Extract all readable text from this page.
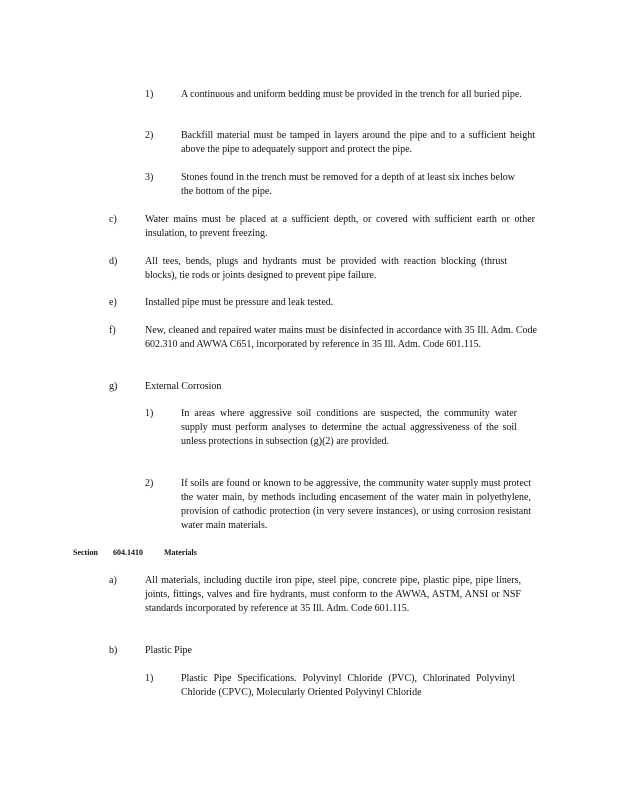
1)	A continuous and uniform bedding must be provided in the trench for all buried pipe.
2)	Backfill material must be tamped in layers around the pipe and to a sufficient height above the pipe to adequately support and protect the pipe.
3)	Stones found in the trench must be removed for a depth of at least six inches below the bottom of the pipe.
c)	Water mains must be placed at a sufficient depth, or covered with sufficient earth or other insulation, to prevent freezing.
d)	All tees, bends, plugs and hydrants must be provided with reaction blocking (thrust blocks), tie rods or joints designed to prevent pipe failure.
e)	Installed pipe must be pressure and leak tested.
f)	New, cleaned and repaired water mains must be disinfected in accordance with 35 Ill. Adm. Code 602.310 and AWWA C651, incorporated by reference in 35 Ill. Adm. Code 601.115.
g)	External Corrosion
1)	In areas where aggressive soil conditions are suspected, the community water supply must perform analyses to determine the actual aggressiveness of the soil unless protections in subsection (g)(2) are provided.
2)	If soils are found or known to be aggressive, the community water supply must protect the water main, by methods including encasement of the water main in polyethylene, provision of cathodic protection (in very severe instances), or using corrosion resistant water main materials.
Section 604.1410	Materials
a)	All materials, including ductile iron pipe, steel pipe, concrete pipe, plastic pipe, pipe liners, joints, fittings, valves and fire hydrants, must conform to the AWWA, ASTM, ANSI or NSF standards incorporated by reference at 35 Ill. Adm. Code 601.115.
b)	Plastic Pipe
1)	Plastic Pipe Specifications. Polyvinyl Chloride (PVC), Chlorinated Polyvinyl Chloride (CPVC), Molecularly Oriented Polyvinyl Chloride
